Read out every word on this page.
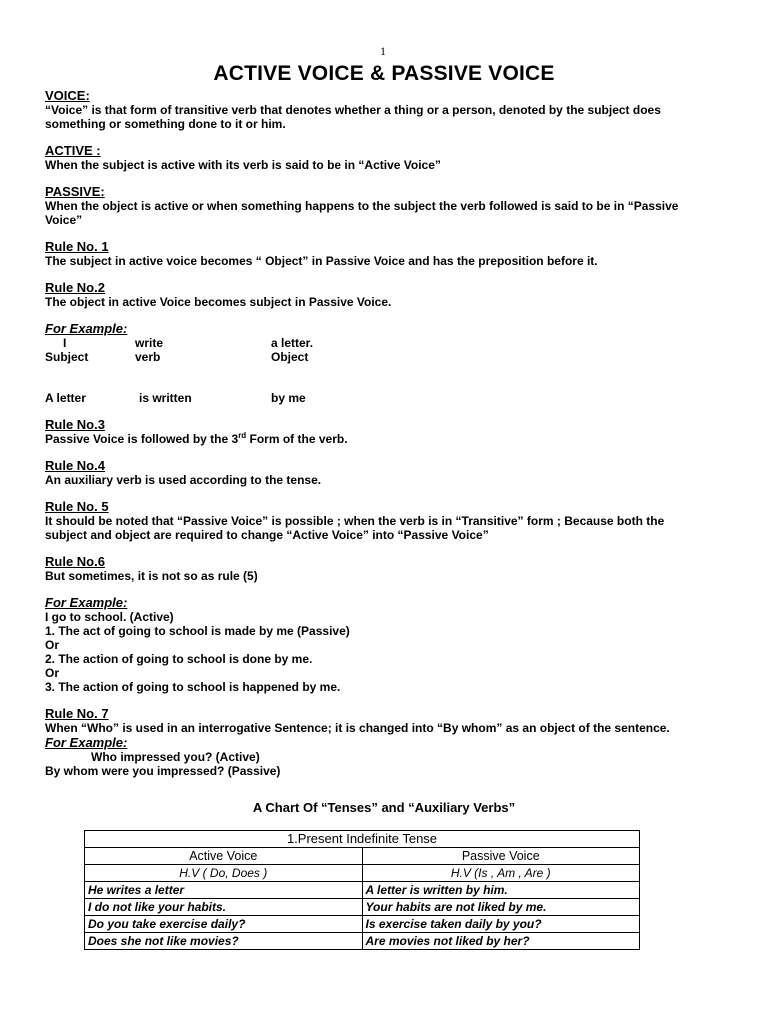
1
ACTIVE VOICE & PASSIVE VOICE
VOICE:
“Voice” is that form of transitive verb that denotes whether a thing or a person, denoted by the subject does
something or something done to it or him.
ACTIVE :
When the subject is active with its verb is said to be in “Active Voice”
PASSIVE:
When the object is active or when something happens to the subject the verb followed is said to be in “Passive
Voice”
Rule No. 1
The subject in active voice becomes “ Object” in Passive Voice and has the preposition before it.
Rule No.2
The object in active Voice becomes subject in Passive Voice.
For Example:
I	write	a letter.
Subject	verb	Object
A letter	is written	by me
Rule No.3
Passive Voice is followed by the 3rd Form of the verb.
Rule No.4
An auxiliary verb is used according to the tense.
Rule No. 5
It should be noted that “Passive Voice” is possible ; when the verb is in “Transitive” form ; Because both the
subject and object are required to change “Active Voice” into “Passive Voice”
Rule No.6
But sometimes, it is not so as rule (5)
For Example:
I go to school. (Active)
1. The act of going to school is made by me (Passive)
Or
2. The action of going to school is done by me.
Or
3. The action of going to school is happened by me.
Rule No. 7
When “Who” is used in an interrogative Sentence; it is changed into “By whom” as an object of the sentence.
For Example:
Who impressed you? (Active)
By whom were you impressed? (Passive)
A Chart Of “Tenses” and “Auxiliary Verbs”
1.Present Indefinite Tense	
Active Voice	Passive Voice
H.V ( Do, Does )	H.V (Is , Am , Are )
He writes a letter	A letter is written by him.
I do not like your habits.	Your habits are not liked by me.
Do you take exercise daily?	Is exercise taken daily by you?
Does she not like movies?	Are movies not liked by her?
